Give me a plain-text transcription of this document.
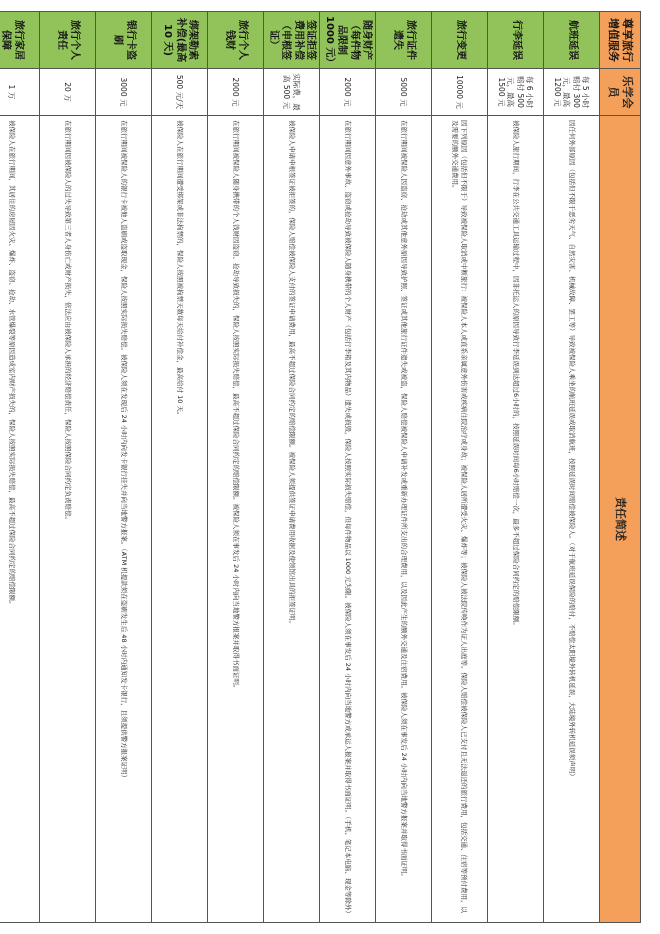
尊享旅行增值服务	乐学会员	责任简述
航班延误	每 5 小时赔付 300 元，最高 1200 元	因任何外部原因（包括但不限于恶劣天气、自然灾害、机械故障、罢工等）导致被保险人乘坐的航班延误或取消航班，按照延误时间赔偿被保险人。（对于航班延误保险的赔付，不赔偿太阳境外转机延误，大陆境外转机延误须声明）
行李延误	每 6 小时赔付 500 元，最高 1500 元	被保险人旅行期间，行李在公共交通工具运输过程中，因非托运人的原因导致行李延误到达超过6小时的，按照延误时间每6小时赔偿一次，最多不超过保险合同约定的赔偿限额。
旅行变更	10000 元	因下列原因（包括但不限于）导致被保险人取消或中断旅行：被保险人本人或直系亲属意外伤害或疾病住院治疗或身故；被保险人居所遭受火灾、爆炸等；被保险人被法院传唤作为证人出庭等。保险人赔偿被保险人已支付且无法退还的旅行费用，包括交通、住宿等预付费用，以及需要的额外交通费用。
旅行证件遗失	5000 元	在旅行期间被保险人因盗窃、抢劫或其他意外原因导致护照、签证或其他旅行证件遗失或被盗，保险人赔偿被保险人申请补发或重新办理证件所支出的合理费用，以及因此产生的额外交通及住宿费用。被保险人须在事发后 24 小时内向当地警方报案并取得书面证明。
随身财产（每件物品限制 1000 元）	2000 元	在旅行期间因意外事故、盗窃或抢劫导致被保险人随身携带的个人财产（包括行李箱及其内物品）遗失或损毁，保险人按照实际损失赔偿，但每件物品以 1000 元为限。被保险人须在事发后 24 小时内向当地警方或承运人报案并取得书面证明。（手机、笔记本电脑、现金等除外）
签证拒签费用补偿（申根签证）	实际费，最高 500 元	被保险人申请申根签证被拒签的，保险人赔偿被保险人支付的签证申请费用，最高不超过保险合同约定的赔偿限额。被保险人须提供签证申请费用收据及使领馆出具的拒签证明。
旅行个人钱财	2000 元	在旅行期间被保险人随身携带的个人钱财因盗窃、抢劫导致损失的，保险人按照实际损失赔偿，最高不超过保险合同约定的赔偿限额。被保险人须在事发后 24 小时内向当地警方报案并取得书面证明。
绑架勒索补偿(最高 10 天)	500 元/天	被保险人在旅行期间遭受绑架或非法拘禁的，保险人按照被拘禁天数每天给付补偿金，最高给付 10 天。
银行卡盗刷	3000 元	在旅行期间被保险人的银行卡被他人盗刷或盗取现金，保险人按照实际损失赔偿。被保险人须在发现后 24 小时内向发卡银行挂失并向当地警方报案。（ATM 机提款须在盗刷发生后 48 小时内通知发卡银行，且须提供警方报案证明）
旅行个人责任	20 万	在旅行期间因被保险人的过失导致第三者人身伤亡或财产损失，依法应由被保险人承担的经济赔偿责任，保险人按照保险合同约定负责赔偿。
旅行家居保障	1 万	被保险人在旅行期间，其居住的房屋因火灾、爆炸、盗窃、抢劫、水管爆裂等原因造成室内财产损失的，保险人按照实际损失赔偿，最高不超过保险合同约定的赔偿限额。
